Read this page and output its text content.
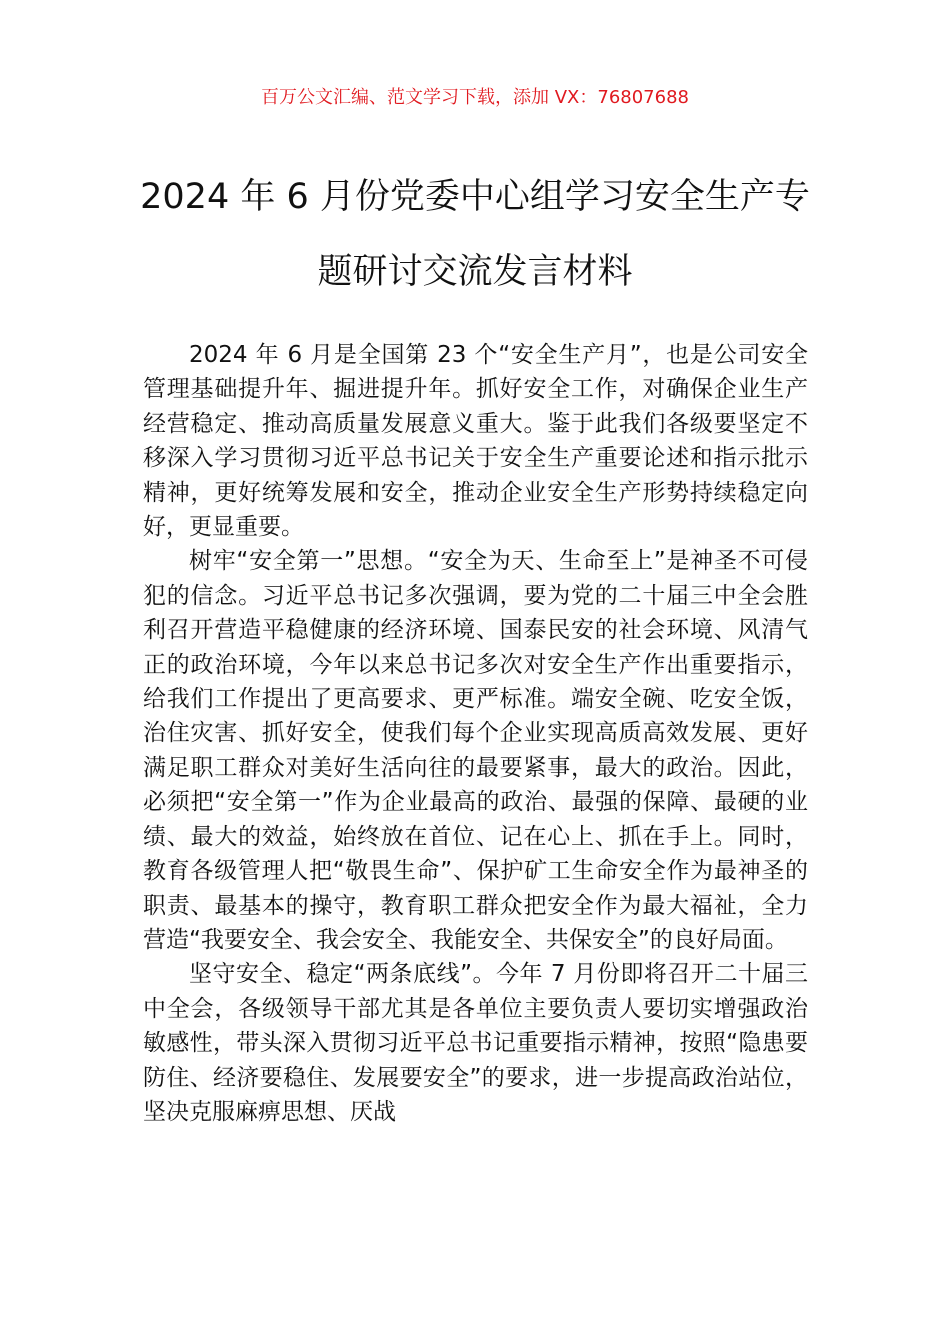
百万公文汇编、范文学习下载，添加 VX：76807688
2024 年 6 月份党委中心组学习安全生产专题研讨交流发言材料

2024 年 6 月是全国第 23 个“安全生产月”，也是公司安全管理基础提升年、掘进提升年。抓好安全工作，对确保企业生产经营稳定、推动高质量发展意义重大。鉴于此我们各级要坚定不移深入学习贯彻习近平总书记关于安全生产重要论述和指示批示精神，更好统筹发展和安全，推动企业安全生产形势持续稳定向好，更显重要。

树牢“安全第一”思想。“安全为天、生命至上”是神圣不可侵犯的信念。习近平总书记多次强调，要为党的二十届三中全会胜利召开营造平稳健康的经济环境、国泰民安的社会环境、风清气正的政治环境，今年以来总书记多次对安全生产作出重要指示，给我们工作提出了更高要求、更严标准。端安全碗、吃安全饭，治住灾害、抓好安全，使我们每个企业实现高质高效发展、更好满足职工群众对美好生活向往的最要紧事，最大的政治。因此，必须把“安全第一”作为企业最高的政治、最强的保障、最硬的业绩、最大的效益，始终放在首位、记在心上、抓在手上。同时，教育各级管理人把“敬畏生命”、保护矿工生命安全作为最神圣的职责、最基本的操守，教育职工群众把安全作为最大福祉，全力营造“我要安全、我会安全、我能安全、共保安全”的良好局面。

坚守安全、稳定“两条底线”。今年 7 月份即将召开二十届三中全会，各级领导干部尤其是各单位主要负责人要切实增强政治敏感性，带头深入贯彻习近平总书记重要指示精神，按照“隐患要防住、经济要稳住、发展要安全”的要求，进一步提高政治站位，坚决克服麻痹思想、厌战
